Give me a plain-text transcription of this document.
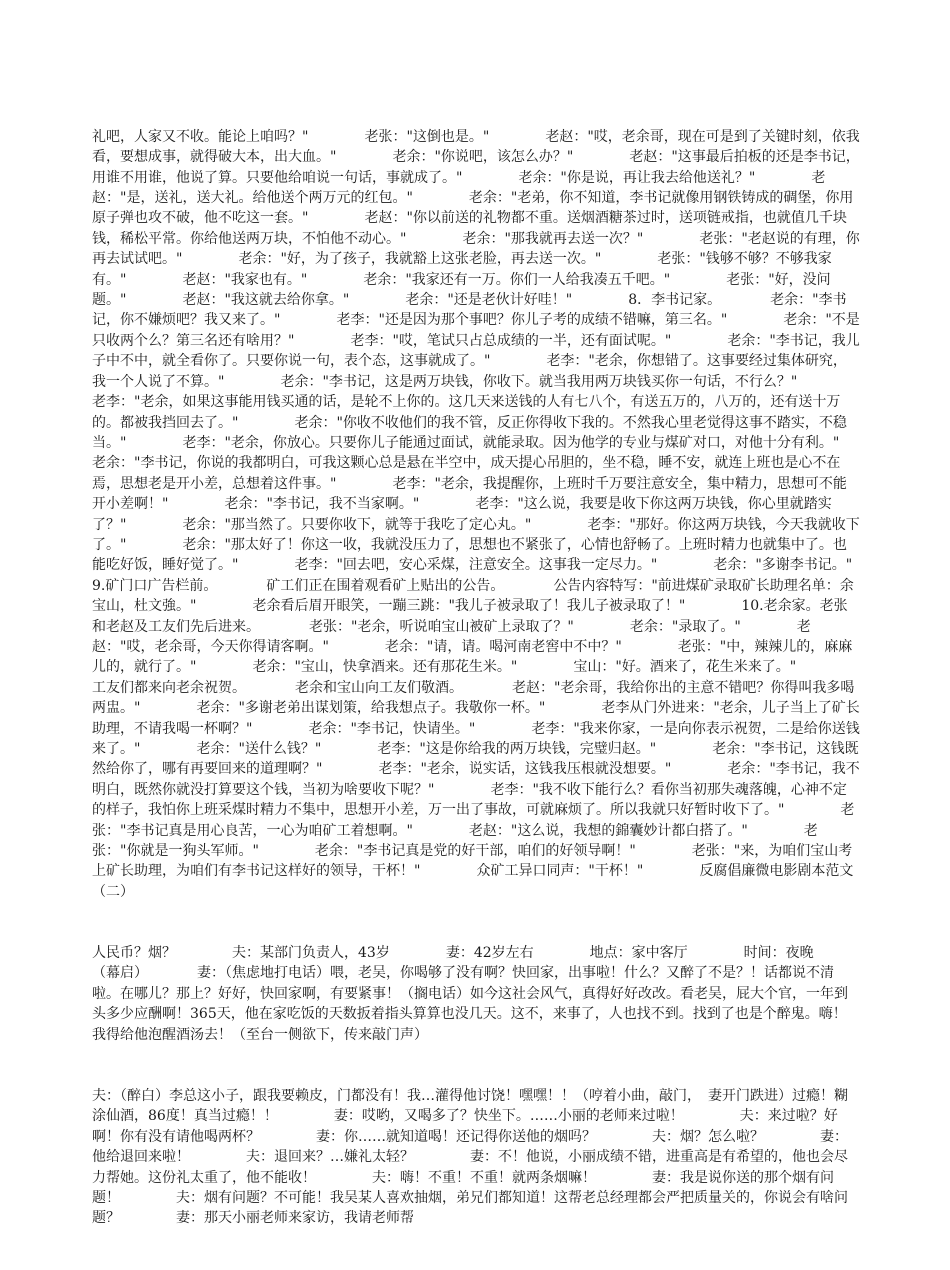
礼吧，人家又不收。能论上咱吗？"　　　　老张："这倒也是。"　　　　老赵："哎，老余哥，现在可是到了关键时刻，依我看，要想成事，就得破大本，出大血。"　　　　老余："你说吧，该怎么办？"　　　　老赵："这事最后拍板的还是李书记，用谁不用谁，他说了算。只要他给咱说一句话，事就成了。"　　　　老余："你是说，再让我去给他送礼？"　　　　老赵："是，送礼，送大礼。给他送个两万元的红包。"　　　　老余："老弟，你不知道，李书记就像用钢铁铸成的碉堡，你用原子弹也攻不破，他不吃这一套。"　　　　老赵："你以前送的礼物都不重。送烟酒糖茶过时，送项链戒指，也就值几千块钱，稀松平常。你给他送两万块，不怕他不动心。"　　　　老余："那我就再去送一次？"　　　　老张："老赵说的有理，你再去试试吧。"　　　　老余："好，为了孩子，我就豁上这张老脸，再去送一次。"　　　　老张："钱够不够？不够我家有。"　　　　老赵："我家也有。"　　　　老余："我家还有一万。你们一人给我凑五千吧。"　　　　老张："好，没问题。"　　　　老赵："我这就去给你拿。"　　　　老余："还是老伙计好哇！"　　　　8．李书记家。　　　　老余："李书记，你不嫌烦吧？我又来了。"　　　　老李："还是因为那个事吧？你儿子考的成绩不错嘛，第三名。"　　　　老余："不是只收两个么？第三名还有啥用？"　　　　老李："哎，笔试只占总成绩的一半，还有面试呢。"　　　　老余："李书记，我儿子中不中，就全看你了。只要你说一句，表个态，这事就成了。"　　　　老李："老余，你想错了。这事要经过集体研究，我一个人说了不算。"　　　　老余："李书记，这是两万块钱，你收下。就当我用两万块钱买你一句话，不行么？"　　　　老李："老余，如果这事能用钱买通的话，是轮不上你的。这几天来送钱的人有七八个，有送五万的，八万的，还有送十万的。都被我挡回去了。"　　　　老余："你收不收他们的我不管，反正你得收下我的。不然我心里老觉得这事不踏实，不稳当。"　　　　老李："老余，你放心。只要你儿子能通过面试，就能录取。因为他学的专业与煤矿对口，对他十分有利。"　　　　老余："李书记，你说的我都明白，可我这颗心总是悬在半空中，成天提心吊胆的，坐不稳，睡不安，就连上班也是心不在焉，思想老是开小差，总想着这件事。"　　　　老李："老余，我提醒你，上班时千万要注意安全，集中精力，思想可不能开小差啊！"　　　　老余："李书记，我不当家啊。"　　　　老李："这么说，我要是收下你这两万块钱，你心里就踏实了？"　　　　老余："那当然了。只要你收下，就等于我吃了定心丸。"　　　　老李："那好。你这两万块钱，今天我就收下了。"　　　　老余："那太好了！你这一收，我就没压力了，思想也不紧张了，心情也舒畅了。上班时精力也就集中了。也能吃好饭，睡好觉了。"　　　　老李："回去吧，安心采煤，注意安全。这事我一定尽力。"　　　　老余："多谢李书记。"　　　　9.矿门口广告栏前。　　　　矿工们正在围着观看矿上贴出的公告。　　　　公告内容特写："前进煤矿录取矿长助理名单：余宝山，杜文強。"　　　　老余看后眉开眼笑，一蹦三跳："我儿子被录取了！我儿子被录取了！"　　　　10.老余家。老张和老赵及工友们先后进来。　　　　老张："老余，听说咱宝山被矿上录取了？"　　　　老余："录取了。"　　　　老赵："哎，老余哥，今天你得请客啊。"　　　　老余："请，请。喝河南老窖中不中？"　　　　老张："中，辣辣儿的，麻麻儿的，就行了。"　　　　老余："宝山，快拿酒来。还有那花生米。"　　　　宝山："好。酒来了，花生米来了。"　　　　工友们都来向老余祝贺。　　　　老余和宝山向工友们敬酒。　　　　老赵："老余哥，我给你出的主意不错吧？你得叫我多喝两盅。"　　　　老余："多谢老弟出谋划策，给我想点子。我敬你一杯。"　　　　老李从门外进来："老余，儿子当上了矿长助理，不请我喝一杯啊？"　　　　老余："李书记，快请坐。"　　　　老李："我来你家，一是向你表示祝贺，二是给你送钱来了。"　　　　老余："送什么钱？"　　　　老李："这是你给我的两万块钱，完璧归赵。"　　　　老余："李书记，这钱既然给你了，哪有再要回来的道理啊？"　　　　老李："老余，说实话，这钱我压根就没想要。"　　　　老余："李书记，我不明白，既然你就没打算要这个钱，当初为啥要收下呢？"　　　　老李："我不收下能行么？看你当初那失魂落魄，心神不定的样子，我怕你上班采煤时精力不集中，思想开小差，万一出了事故，可就麻烦了。所以我就只好暂时收下了。"　　　　老张："李书记真是用心良苦，一心为咱矿工着想啊。"　　　　老赵："这么说，我想的錦囊妙计都白搭了。"　　　　老张："你就是一狗头军师。"　　　　老余："李书记真是党的好干部，咱们的好领导啊！"　　　　老张："来，为咱们宝山考上矿长助理，为咱们有李书记这样好的领导，干杯！"　　　　众矿工异口同声："干杯！"　　　　反腐倡廉微电影剧本范文（二）

人民币？烟？　　　　夫：某部门负责人，43岁　　　　妻：42岁左右　　　　地点：家中客厅　　　　时间：夜晚　　　　（幕启）　　　　妻：（焦虑地打电话）喂，老吴，你喝够了没有啊？快回家，出事啦！什么？又醉了不是？！话都说不清啦。在哪儿？那上？好好，快回家啊，有要紧事！（搁电话）如今这社会风气，真得好好改改。看老吴，屁大个官，一年到头多少应酬啊！365天，他在家吃饭的天数扳着指头算算也没几天。这不，来事了，人也找不到。找到了也是个醉鬼。嗨！我得给他泡醒酒汤去！（至台一侧欲下，传来敲门声）

夫：（醉白）李总这小子，跟我要赖皮，门都没有！我…灌得他讨饶！嘿嘿！！（哼着小曲，敲门，　妻开门跌进）过瘾！糊涂仙酒，86度！真当过瘾！！　　　　妻：哎哟，又喝多了？快坐下。……小丽的老师来过啦！　　　　夫：来过啦？好啊！你有没有请他喝两杯？　　　　妻：你……就知道喝！还记得你送他的烟吗？　　　　夫：烟？怎么啦？　　　　妻：他给退回来啦！　　　　夫：退回来？…嫌礼太轻？　　　　妻：不！他说，小丽成绩不错，进重高是有希望的，他也会尽力帮她。这份礼太重了，他不能收！　　　　夫：嗨！不重！不重！就两条烟嘛！　　　　妻：我是说你送的那个烟有问题！　　　　夫：烟有问题？不可能！我吴某人喜欢抽烟，弟兄们都知道！这帮老总经理都会严把质量关的，你说会有啥问题？　　　　妻：那天小丽老师来家访，我请老师帮
